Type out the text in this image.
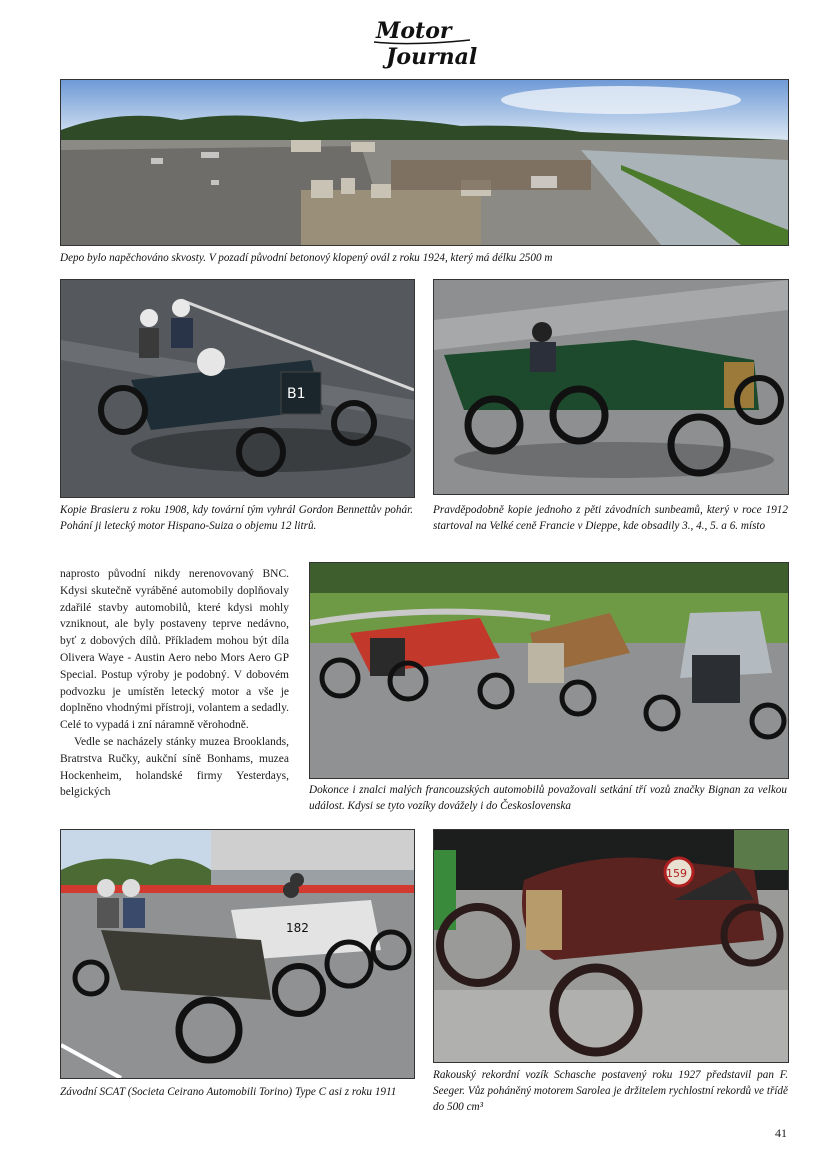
Motor
Journal
Depo bylo napěchováno skvosty. V pozadí původní betonový klopený ovál z roku 1924, který má délku 2500 m
B1
Kopie Brasieru z roku 1908, kdy tovární tým vyhrál Gordon Bennettův pohár. Pohání ji letecký motor Hispano-Suiza o objemu 12 litrů.
Pravděpodobně kopie jednoho z pěti závodních sunbeamů, který v roce 1912 startoval na Velké ceně Francie v Dieppe, kde obsadily 3., 4., 5. a 6. místo

naprosto původní nikdy nerenovovaný BNC. Kdysi skutečně vyráběné automobily doplňovaly zdařilé stavby automobilů, které kdysi mohly vzniknout, ale byly postaveny teprve nedávno, byť z dobových dílů. Příkladem mohou být díla Olivera Waye - Austin Aero nebo Mors Aero GP Special. Postup výroby je podobný. V dobovém podvozku je umístěn letecký motor a vše je doplněno vhodnými přístroji, volantem a sedadly. Celé to vypadá i zní náramně věrohodně.

Vedle se nacházely stánky muzea Brooklands, Bratrstva Ručky, aukční síně Bonhams, muzea Hockenheim, holandské firmy Yesterdays, belgických	Dokonce i znalci malých francouzských automobilů považovali setkání tří vozů značky Bignan za velkou událost. Kdysi se tyto vozíky dovážely i do Československa
182
Závodní SCAT (Societa Ceirano Automobili Torino) Type C asi z roku 1911
159
Rakouský rekordní vozík Schasche postavený roku 1927 představil pan F. Seeger. Vůz poháněný motorem Sarolea je držitelem rychlostní rekordů ve třídě do 500 cm³
41
